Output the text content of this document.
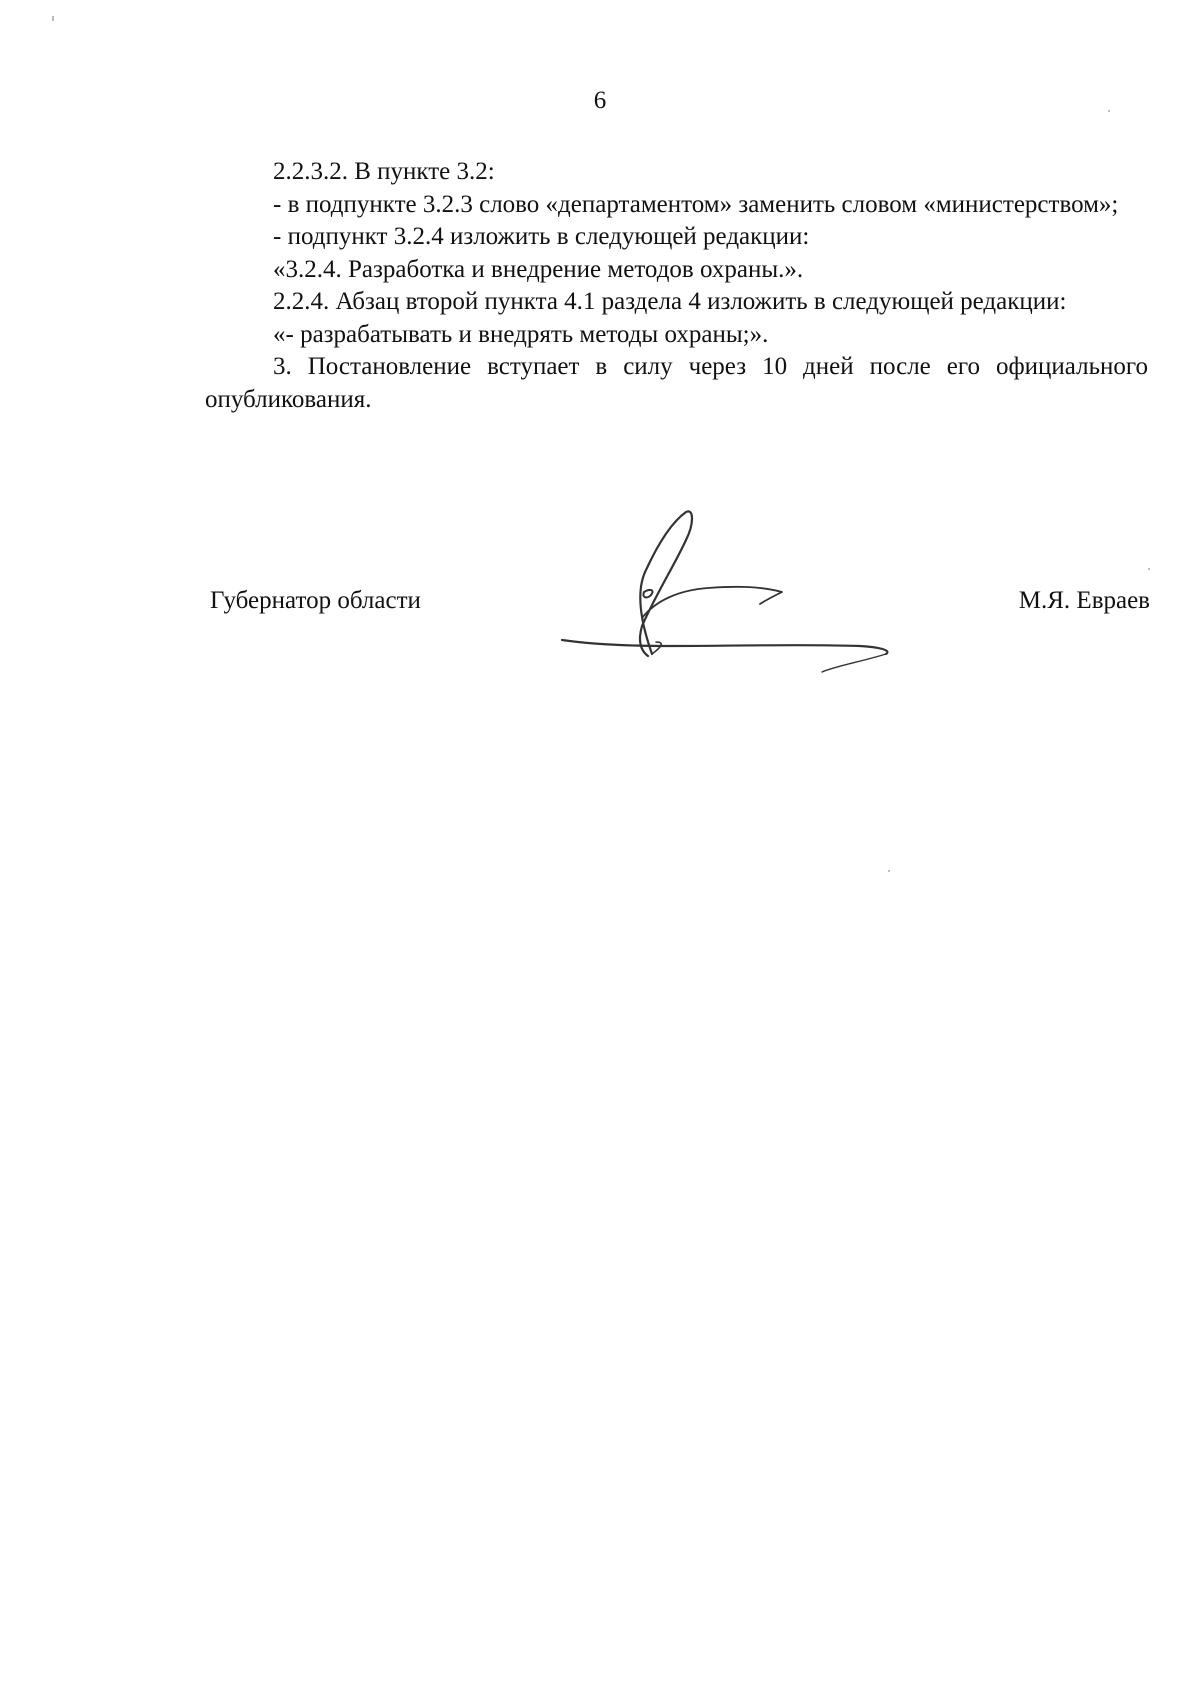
6

2.2.3.2. В пункте 3.2:

- в подпункте 3.2.3 слово «департаментом» заменить словом «министерством»;

- подпункт 3.2.4 изложить в следующей редакции:

«3.2.4. Разработка и внедрение методов охраны.».

2.2.4. Абзац второй пункта 4.1 раздела 4 изложить в следующей редакции:

«- разрабатывать и внедрять методы охраны;».

3. Постановление вступает в силу через 10 дней после его официального опубликования.

Губернатор области	М.Я. Евраев
